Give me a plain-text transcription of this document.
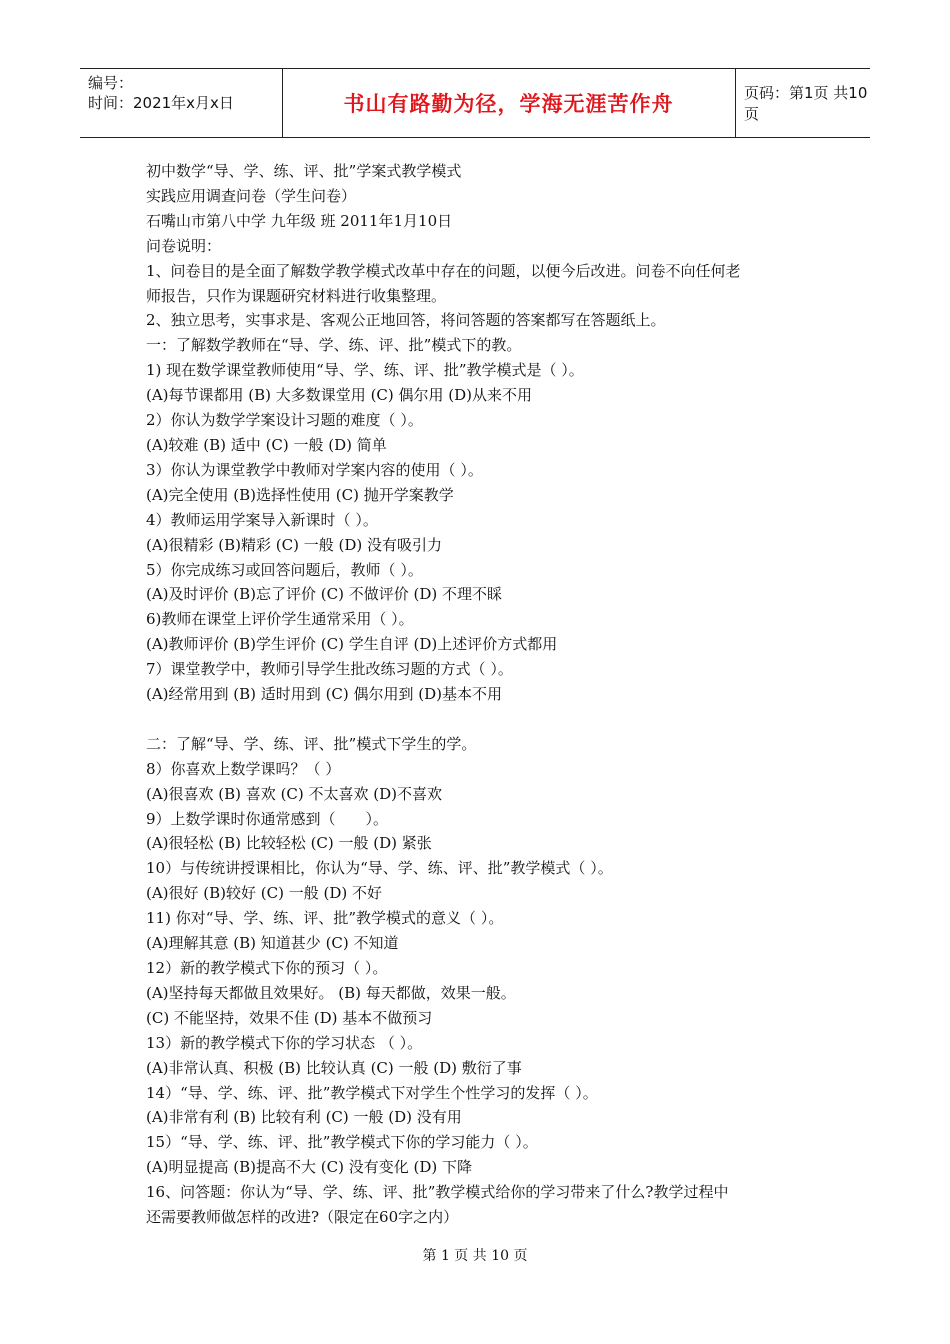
编号：
时间：2021年x月x日	书山有路勤为径，学海无涯苦作舟	页码：第1页 共10页

初中数学“导、学、练、评、批”学案式教学模式

实践应用调查问卷（学生问卷）

石嘴山市第八中学 九年级 班 2011年1月10日

问卷说明：

1、问卷目的是全面了解数学教学模式改革中存在的问题，以便今后改进。问卷不向任何老

师报告，只作为课题研究材料进行收集整理。

2、独立思考，实事求是、客观公正地回答，将问答题的答案都写在答题纸上。

一：了解数学教师在“导、学、练、评、批”模式下的教。

1) 现在数学课堂教师使用“导、学、练、评、批”教学模式是（ ）。

(A)每节课都用 (B) 大多数课堂用 (C) 偶尔用 (D)从来不用

2）你认为数学学案设计习题的难度（ ）。

(A)较难 (B) 适中 (C) 一般 (D) 简单

3）你认为课堂教学中教师对学案内容的使用（ ）。

(A)完全使用 (B)选择性使用 (C) 抛开学案教学

4）教师运用学案导入新课时（ ）。

(A)很精彩 (B)精彩 (C) 一般 (D) 没有吸引力

5）你完成练习或回答问题后，教师（ ）。

(A)及时评价 (B)忘了评价 (C) 不做评价 (D) 不理不睬

6)教师在课堂上评价学生通常采用（ ）。

(A)教师评价 (B)学生评价 (C) 学生自评 (D)上述评价方式都用

7）课堂教学中，教师引导学生批改练习题的方式（ ）。

(A)经常用到 (B) 适时用到 (C) 偶尔用到 (D)基本不用

二：了解“导、学、练、评、批”模式下学生的学。

8）你喜欢上数学课吗？（ ）

(A)很喜欢 (B) 喜欢 (C) 不太喜欢 (D)不喜欢

9）上数学课时你通常感到（　　）。

(A)很轻松 (B) 比较轻松 (C) 一般 (D) 紧张

10）与传统讲授课相比，你认为“导、学、练、评、批”教学模式（ ）。

(A)很好 (B)较好 (C) 一般 (D) 不好

11) 你对“导、学、练、评、批”教学模式的意义（ ）。

(A)理解其意 (B) 知道甚少 (C) 不知道

12）新的教学模式下你的预习（ ）。

(A)坚持每天都做且效果好。 (B) 每天都做，效果一般。

(C) 不能坚持，效果不佳 (D) 基本不做预习

13）新的教学模式下你的学习状态 （ ）。

(A)非常认真、积极 (B) 比较认真 (C) 一般 (D) 敷衍了事

14）“导、学、练、评、批”教学模式下对学生个性学习的发挥（ ）。

(A)非常有利 (B) 比较有利 (C) 一般 (D) 没有用

15）“导、学、练、评、批”教学模式下你的学习能力（ ）。

(A)明显提高 (B)提高不大 (C) 没有变化 (D) 下降

16、问答题：你认为“导、学、练、评、批”教学模式给你的学习带来了什么?教学过程中

还需要教师做怎样的改进?（限定在60字之内）

第 1 页 共 10 页
